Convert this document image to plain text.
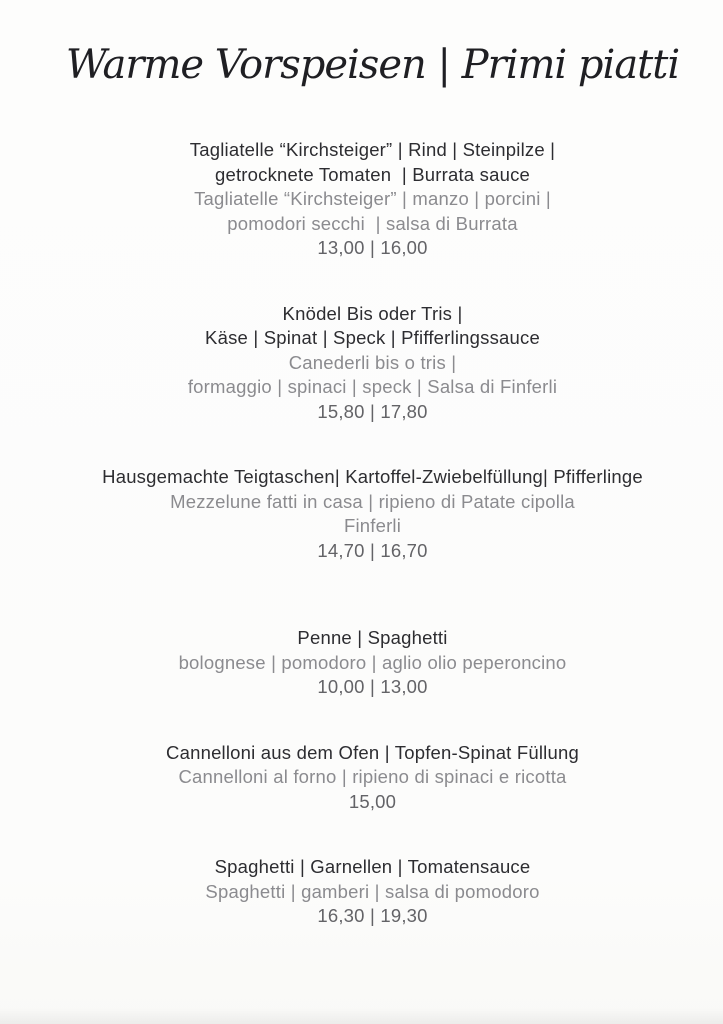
Warme Vorspeisen | Primi piatti
Tagliatelle “Kirchsteiger” | Rind | Steinpilze |
getrocknete Tomaten  | Burrata sauce
Tagliatelle “Kirchsteiger” | manzo | porcini |
pomodori secchi  | salsa di Burrata
13,00 | 16,00
Knödel Bis oder Tris |
Käse | Spinat | Speck | Pfifferlingssauce
Canederli bis o tris |
formaggio | spinaci | speck | Salsa di Finferli
15,80 | 17,80
Hausgemachte Teigtaschen| Kartoffel-Zwiebelfüllung| Pfifferlinge
Mezzelune fatti in casa | ripieno di Patate cipolla
Finferli
14,70 | 16,70
Penne | Spaghetti
bolognese | pomodoro | aglio olio peperoncino
10,00 | 13,00
Cannelloni aus dem Ofen | Topfen-Spinat Füllung
Cannelloni al forno | ripieno di spinaci e ricotta
15,00
Spaghetti | Garnellen | Tomatensauce
Spaghetti | gamberi | salsa di pomodoro
16,30 | 19,30
